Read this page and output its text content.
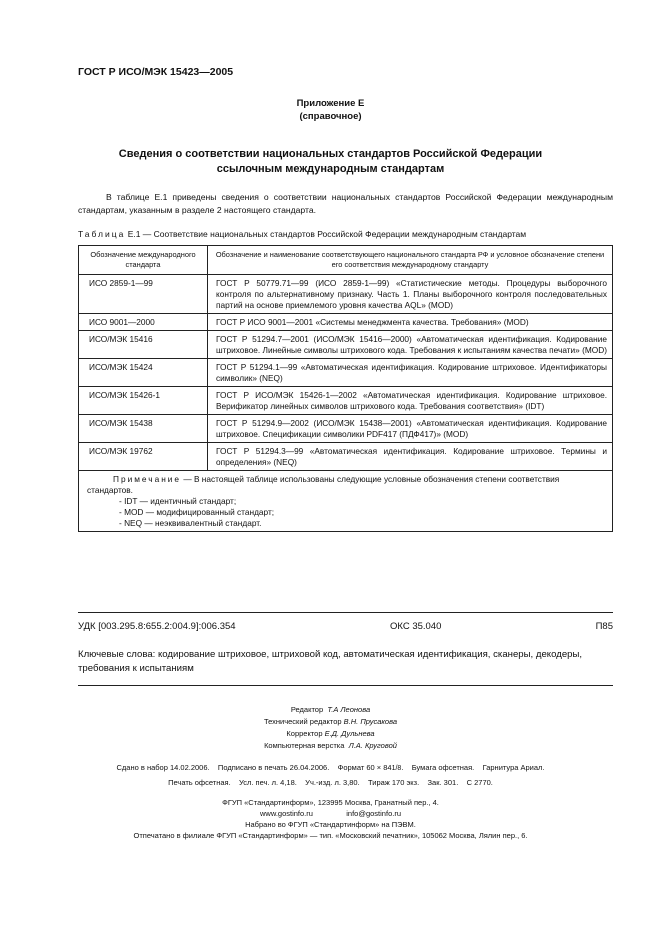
ГОСТ Р ИСО/МЭК 15423—2005
Приложение Е
(справочное)
Сведения о соответствии национальных стандартов Российской Федерации
ссылочным международным стандартам
В таблице Е.1 приведены сведения о соответствии национальных стандартов Российской Федерации международным стандартам, указанным в разделе 2 настоящего стандарта.
Таблица Е.1 — Соответствие национальных стандартов Российской Федерации международным стандартам
Обозначение международного стандарта	Обозначение и наименование соответствующего национального стандарта РФ и условное обозначение степени его соответствия международному стандарту
ИСО 2859-1—99	ГОСТ Р 50779.71—99 (ИСО 2859-1—99) «Статистические методы. Процедуры выборочного контроля по альтернативному признаку. Часть 1. Планы выборочного контроля последовательных партий на основе приемлемого уровня качества AQL» (MOD)
ИСО 9001—2000	ГОСТ Р ИСО 9001—2001 «Системы менеджмента качества. Требования» (MOD)
ИСО/МЭК 15416	ГОСТ Р 51294.7—2001 (ИСО/МЭК 15416—2000) «Автоматическая идентификация. Кодирование штриховое. Линейные символы штрихового кода. Требования к испытаниям качества печати» (MOD)
ИСО/МЭК 15424	ГОСТ Р 51294.1—99 «Автоматическая идентификация. Кодирование штриховое. Идентификаторы символик» (NEQ)
ИСО/МЭК 15426-1	ГОСТ Р ИСО/МЭК 15426-1—2002 «Автоматическая идентификация. Кодирование штриховое. Верификатор линейных символов штрихового кода. Требования соответствия» (IDT)
ИСО/МЭК 15438	ГОСТ Р 51294.9—2002 (ИСО/МЭК 15438—2001) «Автоматическая идентификация. Кодирование штриховое. Спецификации символики PDF417 (ПДФ417)» (MOD)
ИСО/МЭК 19762	ГОСТ Р 51294.3—99 «Автоматическая идентификация. Кодирование штриховое. Термины и определения» (NEQ)

Примечание — В настоящей таблице использованы следующие условные обозначения степени соответствия стандартов.

- IDT — идентичный стандарт;

- MOD — модифицированный стандарт;

- NEQ — неэквивалентный стандарт.	

УДК [003.295.8:655.2:004.9]:006.354	ОКС 35.040	П85
Ключевые слова: кодирование штриховое, штриховой код, автоматическая идентификация, сканеры, декодеры, требования к испытаниям
Редактор Т.А Леонова
Технический редактор В.Н. Прусакова
Корректор Е.Д. Дульнева
Компьютерная верстка Л.А. Круговой
Сдано в набор 14.02.2006.    Подписано в печать 26.04.2006.    Формат 60 × 841/8.    Бумага офсетная.    Гарнитура Ариал.
Печать офсетная.    Усл. печ. л. 4,18.    Уч.-изд. л. 3,80.    Тираж 170 экз.    Зак. 301.    С 2770.
ФГУП «Стандартинформ», 123995 Москва, Гранатный пер., 4.
www.gostinfo.ru                info@gostinfo.ru
Набрано во ФГУП «Стандартинформ» на ПЭВМ.
Отпечатано в филиале ФГУП «Стандартинформ» — тип. «Московский печатник», 105062 Москва, Лялин пер., 6.
